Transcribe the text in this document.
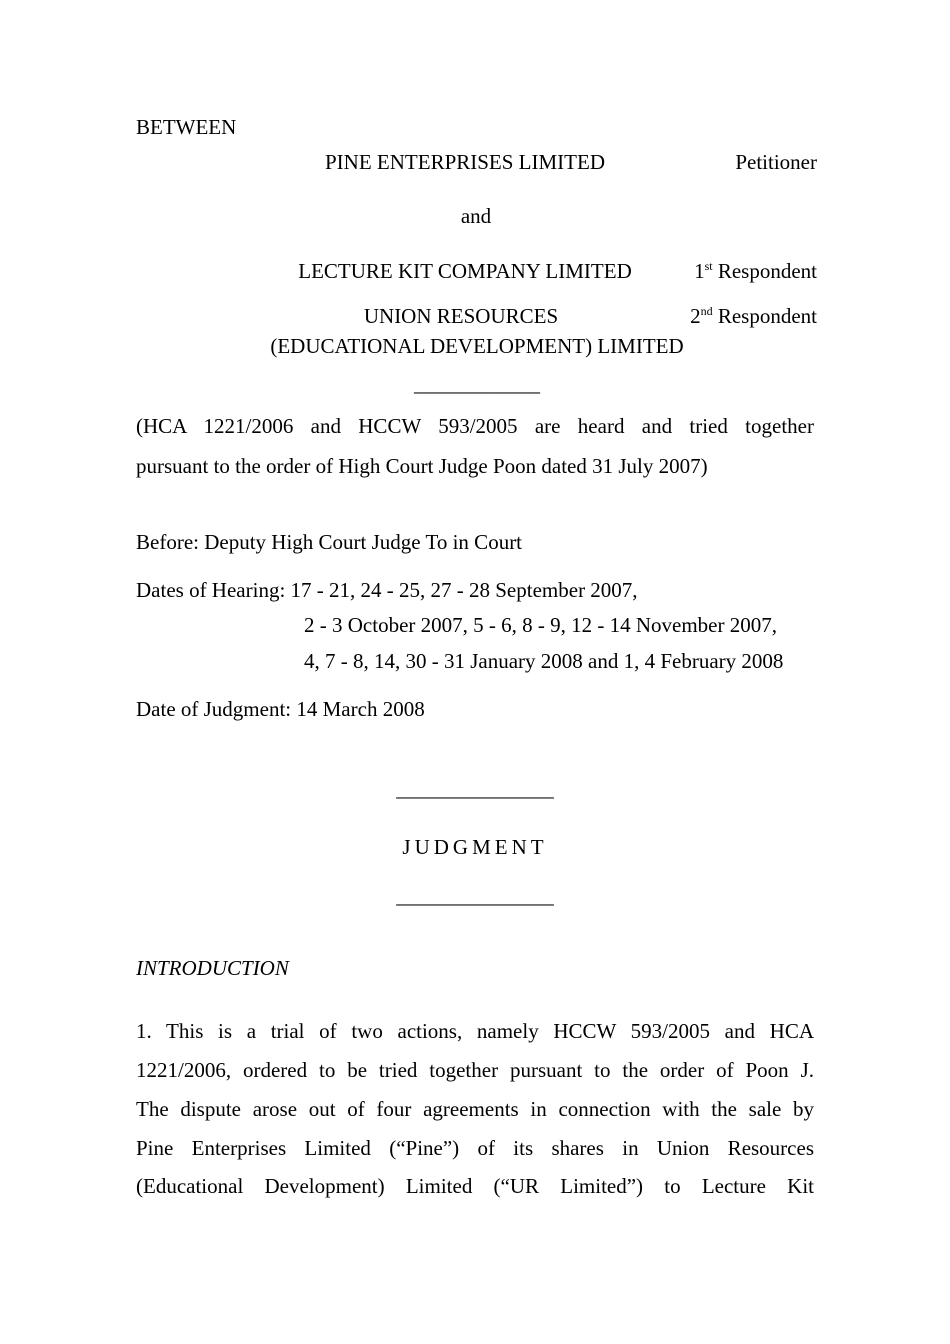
BETWEEN
PINE ENTERPRISES LIMITED	Petitioner
and
LECTURE KIT COMPANY LIMITED	1st Respondent
UNION RESOURCES	2nd Respondent
(EDUCATIONAL DEVELOPMENT) LIMITED
____________
(HCA 1221/2006 and HCCW 593/2005 are heard and tried together
pursuant to the order of High Court Judge Poon dated 31 July 2007)
Before: Deputy High Court Judge To in Court
Dates of Hearing: 17 - 21, 24 - 25, 27 - 28 September 2007,
2 - 3 October 2007, 5 - 6, 8 - 9, 12 - 14 November 2007,
4, 7 - 8, 14, 30 - 31 January 2008 and 1, 4 February 2008
Date of Judgment: 14 March 2008
_______________
JUDGMENT
_______________
INTRODUCTION
1. This is a trial of two actions, namely HCCW 593/2005 and HCA
1221/2006, ordered to be tried together pursuant to the order of Poon J.
The dispute arose out of four agreements in connection with the sale by
Pine Enterprises Limited (“Pine”) of its shares in Union Resources
(Educational Development) Limited (“UR Limited”) to Lecture Kit
